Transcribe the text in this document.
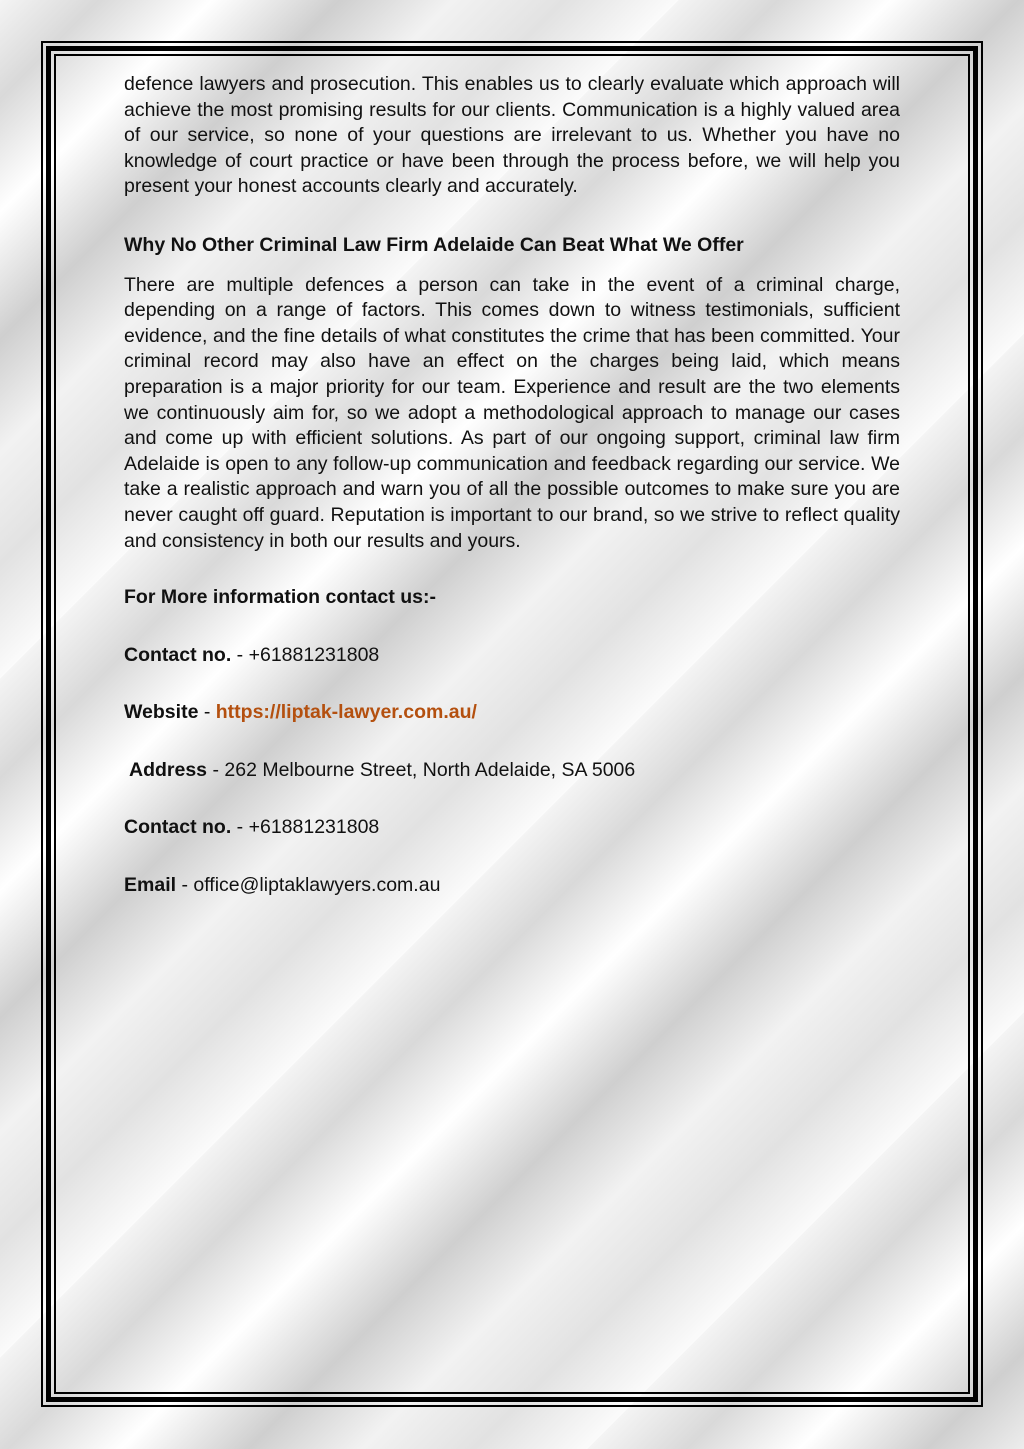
defence lawyers and prosecution. This enables us to clearly evaluate which approach will achieve the most promising results for our clients. Communication is a highly valued area of our service, so none of your questions are irrelevant to us. Whether you have no knowledge of court practice or have been through the process before, we will help you present your honest accounts clearly and accurately.

Why No Other Criminal Law Firm Adelaide Can Beat What We Offer

There are multiple defences a person can take in the event of a criminal charge, depending on a range of factors. This comes down to witness testimonials, sufficient evidence, and the fine details of what constitutes the crime that has been committed. Your criminal record may also have an effect on the charges being laid, which means preparation is a major priority for our team. Experience and result are the two elements we continuously aim for, so we adopt a methodological approach to manage our cases and come up with efficient solutions. As part of our ongoing support, criminal law firm Adelaide is open to any follow-up communication and feedback regarding our service. We take a realistic approach and warn you of all the possible outcomes to make sure you are never caught off guard. Reputation is important to our brand, so we strive to reflect quality and consistency in both our results and yours.

For More information contact us:-

Contact no. - +61881231808

Website - https://liptak-lawyer.com.au/

Address - 262 Melbourne Street, North Adelaide, SA 5006

Contact no. - +61881231808

Email - office@liptaklawyers.com.au
